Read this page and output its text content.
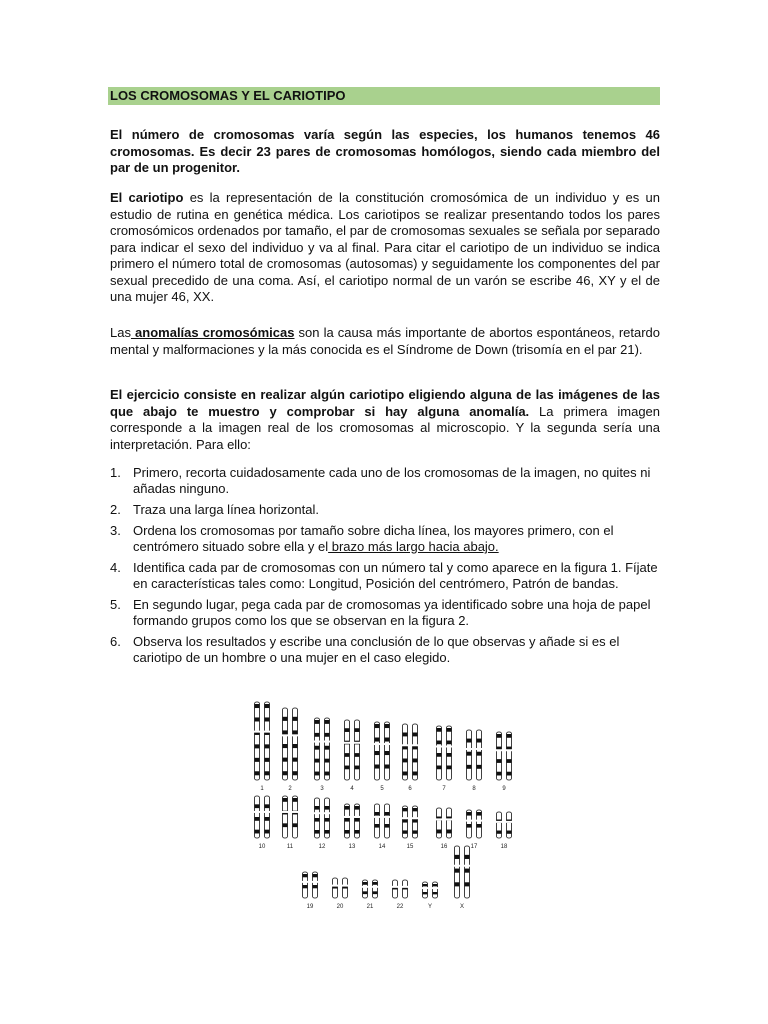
LOS CROMOSOMAS Y EL CARIOTIPO
El número de cromosomas varía según las especies, los humanos tenemos 46 cromosomas. Es decir 23 pares de cromosomas homólogos, siendo cada miembro del par de un progenitor.
El cariotipo es la representación de la constitución cromosómica de un individuo y es un estudio de rutina en genética médica. Los cariotipos se realizar presentando todos los pares cromosómicos ordenados por tamaño, el par de cromosomas sexuales se señala por separado para indicar el sexo del individuo y va al final. Para citar el cariotipo de un individuo se indica primero el número total de cromosomas (autosomas) y seguidamente los componentes del par sexual precedido de una coma. Así, el cariotipo normal de un varón se escribe 46, XY y el de una mujer 46, XX.
Las anomalías cromosómicas son la causa más importante de abortos espontáneos, retardo mental y malformaciones y la más conocida es el Síndrome de Down (trisomía en el par 21).
El ejercicio consiste en realizar algún cariotipo eligiendo alguna de las imágenes de las que abajo te muestro y comprobar si hay alguna anomalía. La primera imagen corresponde a la imagen real de los cromosomas al microscopio. Y la segunda sería una interpretación. Para ello:
1. Primero, recorta cuidadosamente cada uno de los cromosomas de la imagen, no quites ni añadas ninguno.
2. Traza una larga línea horizontal.
3. Ordena los cromosomas por tamaño sobre dicha línea, los mayores primero, con el centrómero situado sobre ella y el brazo más largo hacia abajo.
4. Identifica cada par de cromosomas con un número tal y como aparece en la figura 1. Fíjate en características tales como: Longitud, Posición del centrómero, Patrón de bandas.
5. En segundo lugar, pega cada par de cromosomas ya identificado sobre una hoja de papel formando grupos como los que se observan en la figura 2.
6. Observa los resultados y escribe una conclusión de lo que observas y añade si es el cariotipo de un hombre o una mujer en el caso elegido.
1	2	3	4	5	6	7	8	9
10	11	12	13	14	15	16	17	18
19	20	21	22	Y	X
